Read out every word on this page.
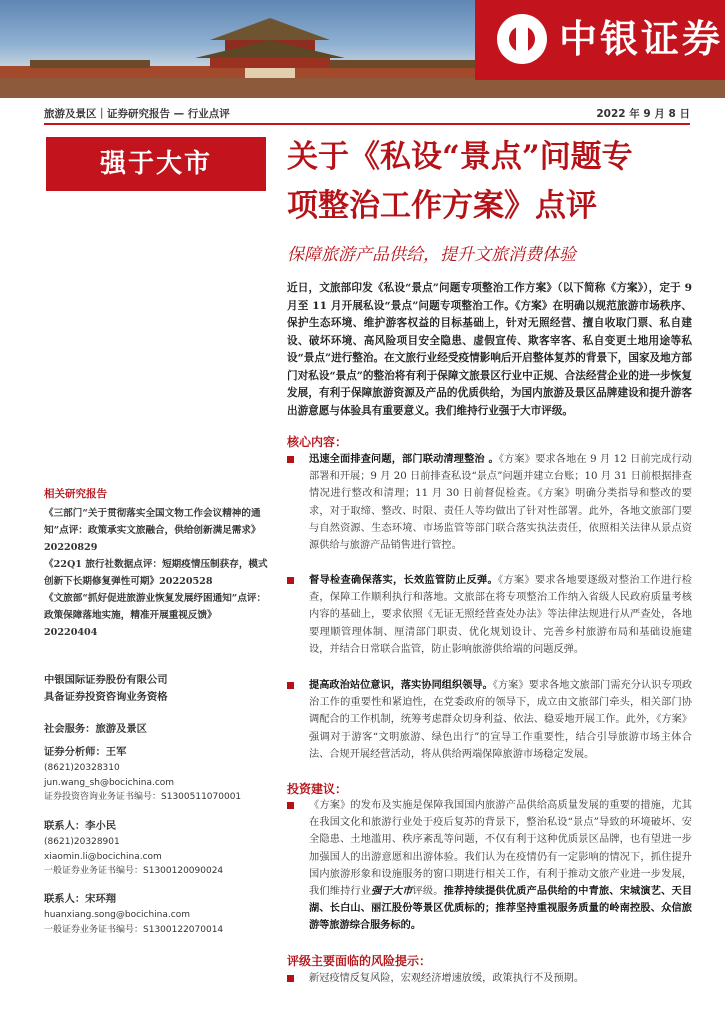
中银证券
旅游及景区｜证券研究报告 — 行业点评	2022 年 9 月 8 日
强于大市	关于《私设“景点”问题专
项整治工作方案》点评
保障旅游产品供给，提升文旅消费体验
近日，文旅部印发《私设“景点”问题专项整治工作方案》（以下简称《方案》），定于 9 月至 11 月开展私设“景点”问题专项整治工作。《方案》在明确以规范旅游市场秩序、保护生态环境、维护游客权益的目标基础上，针对无照经营、擅自收取门票、私自建设、破坏环境、高风险项目安全隐患、虚假宣传、欺客宰客、私自变更土地用途等私设“景点”进行整治。在文旅行业经受疫情影响后开启整体复苏的背景下，国家及地方部门对私设“景点”的整治将有利于保障文旅景区行业中正规、合法经营企业的进一步恢复发展，有利于保障旅游资源及产品的优质供给，为国内旅游及景区品牌建设和提升游客出游意愿与体验具有重要意义。我们维持行业强于大市评级。
核心内容：
迅速全面排查问题，部门联动清理整治 。《方案》要求各地在 9 月 12 日前完成行动部署和开展；9 月 20 日前排查私设“景点”问题并建立台账；10 月 31 日前根据排查情况进行整改和清理；11 月 30 日前督促检查。《方案》明确分类指导和整改的要求，对于取缔、整改、时限、责任人等均做出了针对性部署。此外，各地文旅部门要与自然资源、生态环境、市场监管等部门联合落实执法责任，依照相关法律从景点资源供给与旅游产品销售进行管控。
督导检查确保落实，长效监管防止反弹。《方案》要求各地要逐级对整治工作进行检查，保障工作顺利执行和落地。文旅部在将专项整治工作纳入省级人民政府质量考核内容的基础上，要求依照《无证无照经营查处办法》等法律法规进行从严查处，各地要理顺管理体制、厘清部门职责、优化规划设计、完善乡村旅游布局和基础设施建设，并结合日常联合监管，防止影响旅游供给端的问题反弹。
提高政治站位意识，落实协同组织领导。《方案》要求各地文旅部门需充分认识专项政治工作的重要性和紧迫性，在党委政府的领导下，成立由文旅部门牵头，相关部门协调配合的工作机制，统筹考虑群众切身利益、依法、稳妥地开展工作。此外，《方案》强调对于游客“文明旅游、绿色出行”的宣导工作重要性，结合引导旅游市场主体合法、合规开展经营活动，将从供给两端保障旅游市场稳定发展。
投资建议：
《方案》的发布及实施是保障我国国内旅游产品供给高质量发展的重要的措施，尤其在我国文化和旅游行业处于疫后复苏的背景下，整治私设“景点”导致的环境破坏、安全隐患、土地滥用、秩序紊乱等问题，不仅有利于这种优质景区品牌，也有望进一步加强国人的出游意愿和出游体验。我们认为在疫情仍有一定影响的情况下，抓住提升国内旅游形象和设施服务的窗口期进行相关工作，有利于推动文旅产业进一步发展，我们维持行业强于大市评级。推荐持续提供优质产品供给的中青旅、宋城演艺、天目湖、长白山、丽江股份等景区优质标的；推荐坚持重视服务质量的岭南控股、众信旅游等旅游综合服务标的。
评级主要面临的风险提示：
新冠疫情反复风险，宏观经济增速放缓，政策执行不及预期。
相关研究报告
《三部门“关于贯彻落实全国文物工作会议精神的通知”点评：政策承实文旅融合，供给创新满足需求》20220829
《22Q1 旅行社数据点评：短期疫情压制获存，模式创新下长期修复弹性可期》20220528
《文旅部“抓好促进旅游业恢复发展纾困通知”点评：政策保障落地实施，精准开展重视反馈》20220404
中银国际证券股份有限公司
具备证券投资咨询业务资格
社会服务：旅游及景区
证券分析师：王军
(8621)20328310
jun.wang_sh@bocichina.com
证券投资咨询业务证书编号：S1300511070001
联系人：李小民
(8621)20328901
xiaomin.li@bocichina.com
一般证券业务证书编号：S1300120090024
联系人：宋环翔
huanxiang.song@bocichina.com
一般证券业务证书编号：S1300122070014
